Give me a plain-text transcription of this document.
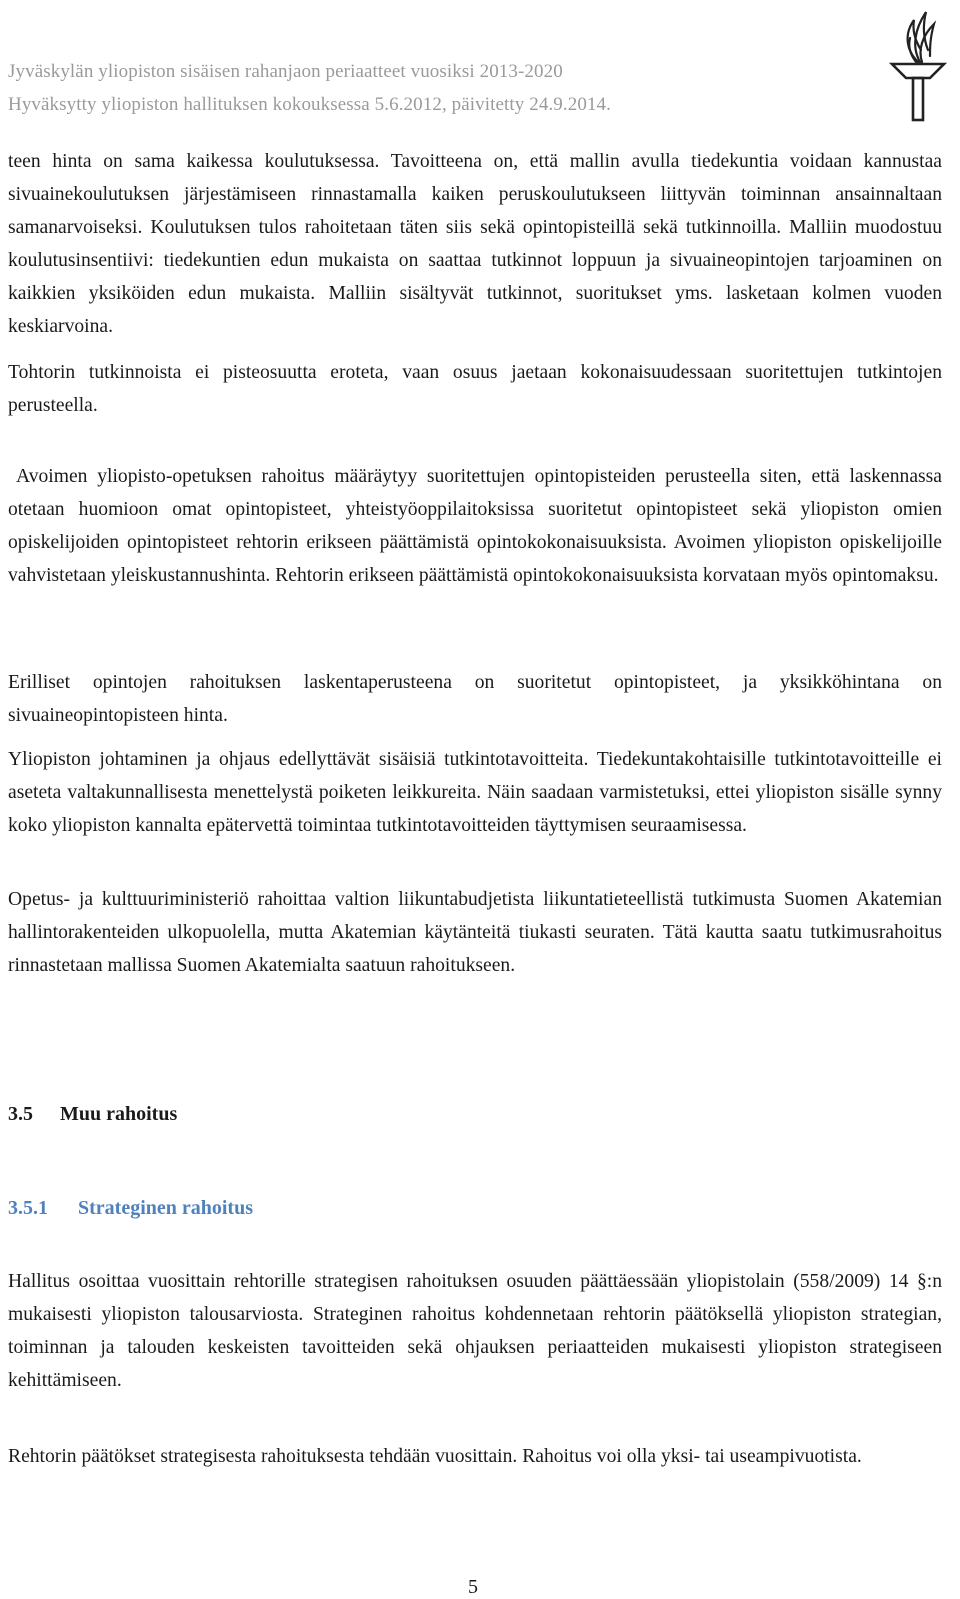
Jyväskylän yliopiston sisäisen rahanjaon periaatteet vuosiksi 2013-2020
Hyväksytty yliopiston hallituksen kokouksessa 5.6.2012, päivitetty 24.9.2014.

teen hinta on sama kaikessa koulutuksessa. Tavoitteena on, että mallin avulla tiedekuntia voidaan kannustaa sivuainekoulutuksen järjestämiseen rinnastamalla kaiken peruskoulutukseen liittyvän toiminnan ansainnaltaan samanarvoiseksi. Koulutuksen tulos rahoitetaan täten siis sekä opintopisteillä sekä tutkinnoilla. Malliin muodostuu koulutusinsentiivi: tiedekuntien edun mukaista on saattaa tutkinnot loppuun ja sivuaineopintojen tarjoaminen on kaikkien yksiköiden edun mukaista. Malliin sisältyvät tutkinnot, suoritukset yms. lasketaan kolmen vuoden keskiarvoina.

Tohtorin tutkinnoista ei pisteosuutta eroteta, vaan osuus jaetaan kokonaisuudessaan suoritettujen tutkintojen perusteella.

Avoimen yliopisto-opetuksen rahoitus määräytyy suoritettujen opintopisteiden perusteella siten, että laskennassa otetaan huomioon omat opintopisteet, yhteistyöoppilaitoksissa suoritetut opintopisteet sekä yliopiston omien opiskelijoiden opintopisteet rehtorin erikseen päättämistä opintokokonaisuuksista. Avoimen yliopiston opiskelijoille vahvistetaan yleiskustannushinta. Rehtorin erikseen päättämistä opintokokonaisuuksista korvataan myös opintomaksu.

Erilliset opintojen rahoituksen laskentaperusteena on suoritetut opintopisteet, ja yksikköhintana on sivuaineopintopisteen hinta.

Yliopiston johtaminen ja ohjaus edellyttävät sisäisiä tutkintotavoitteita. Tiedekuntakohtaisille tutkintotavoitteille ei aseteta valtakunnallisesta menettelystä poiketen leikkureita. Näin saadaan varmistetuksi, ettei yliopiston sisälle synny koko yliopiston kannalta epätervettä toimintaa tutkintotavoitteiden täyttymisen seuraamisessa.

Opetus- ja kulttuuriministeriö rahoittaa valtion liikuntabudjetista liikuntatieteellistä tutkimusta Suomen Akatemian hallintorakenteiden ulkopuolella, mutta Akatemian käytänteitä tiukasti seuraten. Tätä kautta saatu tutkimusrahoitus rinnastetaan mallissa Suomen Akatemialta saatuun rahoitukseen.

3.5 Muu rahoitus
3.5.1 Strateginen rahoitus

Hallitus osoittaa vuosittain rehtorille strategisen rahoituksen osuuden päättäessään yliopistolain (558/2009) 14 §:n mukaisesti yliopiston talousarviosta. Strateginen rahoitus kohdennetaan rehtorin päätöksellä yliopiston strategian, toiminnan ja talouden keskeisten tavoitteiden sekä ohjauksen periaatteiden mukaisesti yliopiston strategiseen kehittämiseen.

Rehtorin päätökset strategisesta rahoituksesta tehdään vuosittain. Rahoitus voi olla yksi- tai useampivuotista.

5
